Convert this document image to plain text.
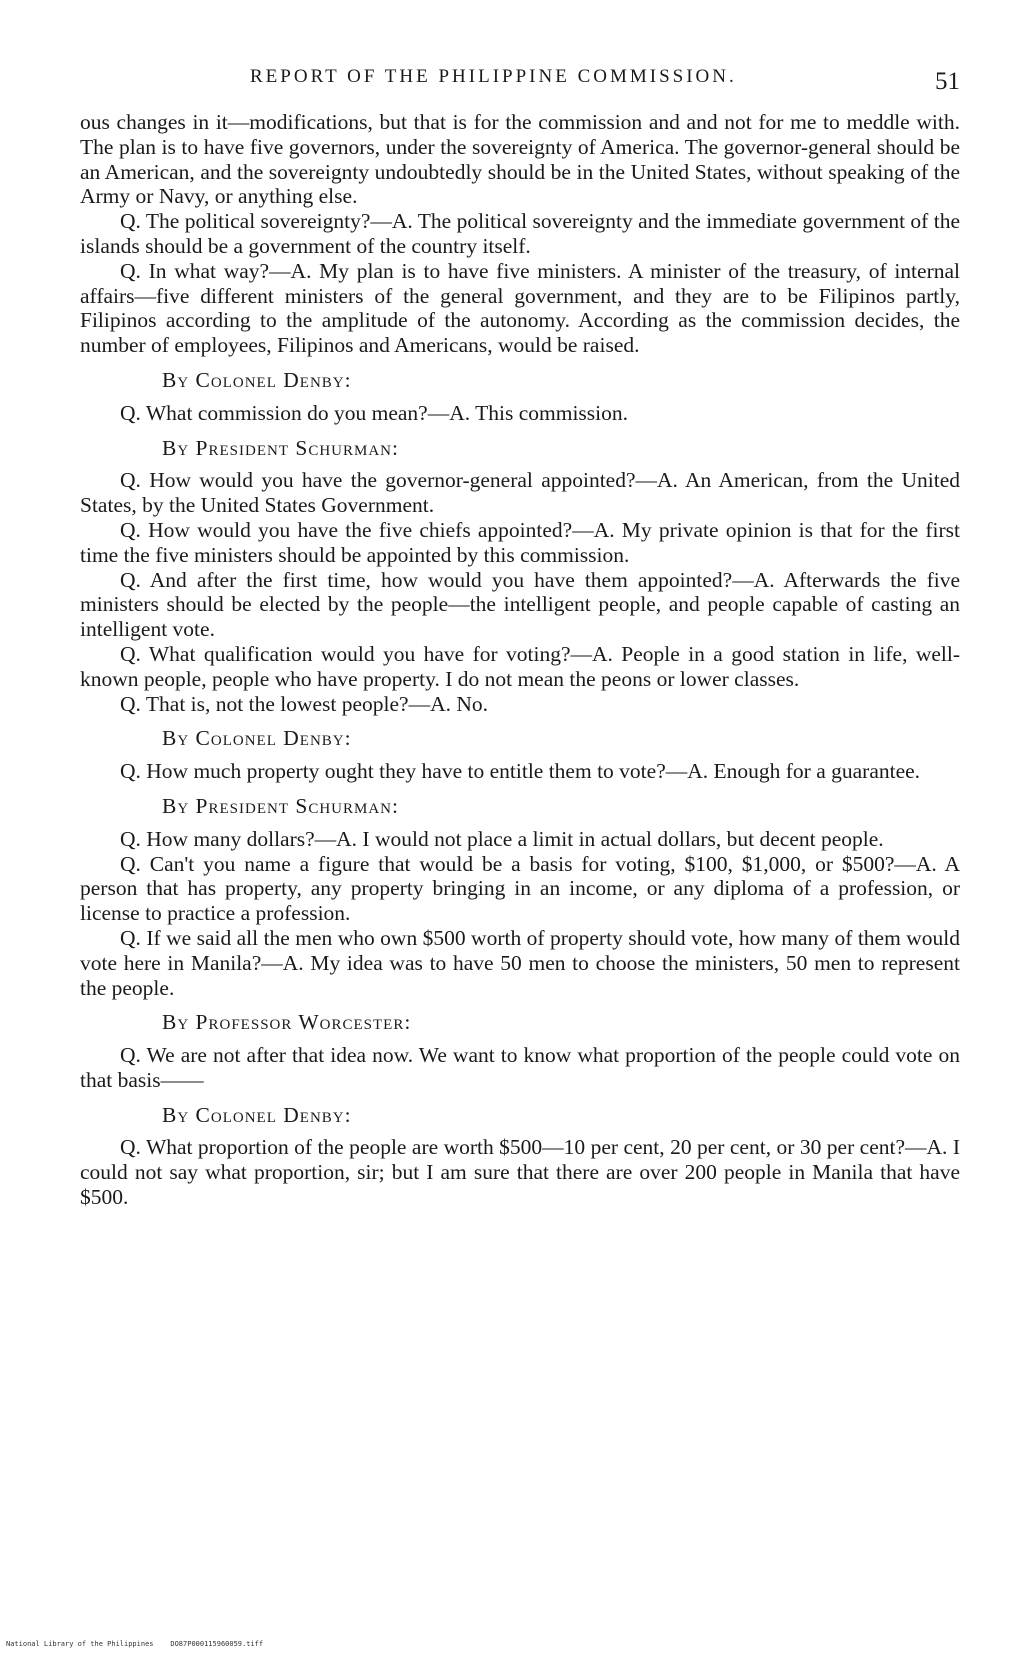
REPORT OF THE PHILIPPINE COMMISSION.	51

ous changes in it—modifications, but that is for the commission and and not for me to meddle with. The plan is to have five governors, under the sovereignty of America. The governor-general should be an American, and the sovereignty undoubtedly should be in the United States, without speaking of the Army or Navy, or anything else.

Q. The political sovereignty?—A. The political sovereignty and the immediate government of the islands should be a government of the country itself.

Q. In what way?—A. My plan is to have five ministers. A minister of the treasury, of internal affairs—five different ministers of the general government, and they are to be Filipinos partly, Filipinos according to the amplitude of the autonomy. According as the commission decides, the number of employees, Filipinos and Americans, would be raised.

By Colonel Denby:

Q. What commission do you mean?—A. This commission.

By President Schurman:

Q. How would you have the governor-general appointed?—A. An American, from the United States, by the United States Government.

Q. How would you have the five chiefs appointed?—A. My private opinion is that for the first time the five ministers should be appointed by this commission.

Q. And after the first time, how would you have them appointed?—A. Afterwards the five ministers should be elected by the people—the intelligent people, and people capable of casting an intelligent vote.

Q. What qualification would you have for voting?—A. People in a good station in life, well-known people, people who have property. I do not mean the peons or lower classes.

Q. That is, not the lowest people?—A. No.

By Colonel Denby:

Q. How much property ought they have to entitle them to vote?—A. Enough for a guarantee.

By President Schurman:

Q. How many dollars?—A. I would not place a limit in actual dollars, but decent people.

Q. Can't you name a figure that would be a basis for voting, $100, $1,000, or $500?—A. A person that has property, any property bringing in an income, or any diploma of a profession, or license to practice a profession.

Q. If we said all the men who own $500 worth of property should vote, how many of them would vote here in Manila?—A. My idea was to have 50 men to choose the ministers, 50 men to represent the people.

By Professor Worcester:

Q. We are not after that idea now. We want to know what proportion of the people could vote on that basis——

By Colonel Denby:

Q. What proportion of the people are worth $500—10 per cent, 20 per cent, or 30 per cent?—A. I could not say what proportion, sir; but I am sure that there are over 200 people in Manila that have $500.

National Library of the Philippines DO87P000115960059.tiff
